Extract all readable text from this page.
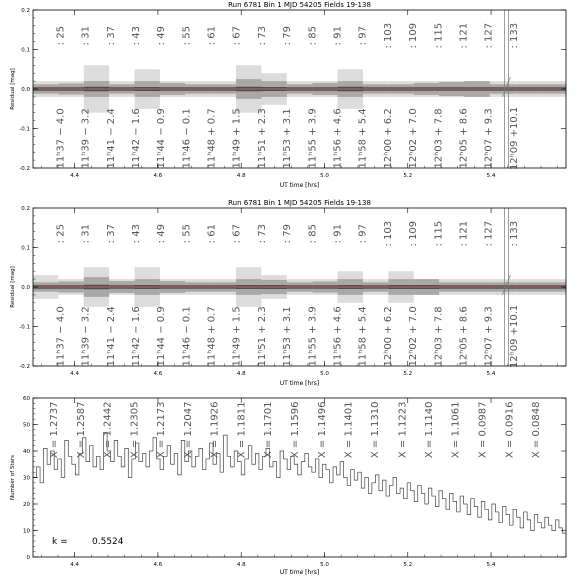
: 25
11ʰ37 − 4.0
: 31
11ʰ39 − 3.2
: 37
11ʰ41 − 2.4
: 43
11ʰ42 − 1.6
: 49
11ʰ44 − 0.9
: 55
11ʰ46 − 0.1
: 61
11ʰ48 + 0.7
: 67
11ʰ49 + 1.5
: 73
11ʰ51 + 2.3
: 79
11ʰ53 + 3.1
: 85
11ʰ55 + 3.9
: 91
11ʰ56 + 4.6
: 97
11ʰ58 + 5.4
: 103
12ʰ00 + 6.2
: 109
12ʰ02 + 7.0
: 115
12ʰ03 + 7.8
: 121
12ʰ05 + 8.6
: 127
12ʰ07 + 9.3
: 133
12ʰ09 +10.1
-0.2
-0.1
0.0
0.1
0.2
4.4	4.6	4.8	5.0	5.2	5.4
Run 6781 Bin 1 MJD 54205 Fields 19-138
UT time [hrs]
Residual [mag]
: 25
11ʰ37 − 4.0
: 31
11ʰ39 − 3.2
: 37
11ʰ41 − 2.4
: 43
11ʰ42 − 1.6
: 49
11ʰ44 − 0.9
: 55
11ʰ46 − 0.1
: 61
11ʰ48 + 0.7
: 67
11ʰ49 + 1.5
: 73
11ʰ51 + 2.3
: 79
11ʰ53 + 3.1
: 85
11ʰ55 + 3.9
: 91
11ʰ56 + 4.6
: 97
11ʰ58 + 5.4
: 103
12ʰ00 + 6.2
: 109
12ʰ02 + 7.0
: 115
12ʰ03 + 7.8
: 121
12ʰ05 + 8.6
: 127
12ʰ07 + 9.3
: 133
12ʰ09 +10.1
-0.2
-0.1
0.0
0.1
0.2
4.4	4.6	4.8	5.0	5.2	5.4
Run 6781 Bin 1 MJD 54205 Fields 19-138
UT time [hrs]
Residual [mag]
X = 1.2737 X = 1.2587 X = 1.2442 X = 1.2305 X = 1.2173 X = 1.2047 X = 1.1926 X = 1.1811 X = 1.1701 X = 1.1596 X = 1.1496 X = 1.1401 X = 1.1310 X = 1.1223 X = 1.1140 X = 1.1061 X = 0.0987 X = 0.0916 X = 0.0848
0
10
20
30
40
50
60
4.4	4.6	4.8	5.0	5.2	5.4
UT time [hrs]
Number of Stars
k =	0.5524
